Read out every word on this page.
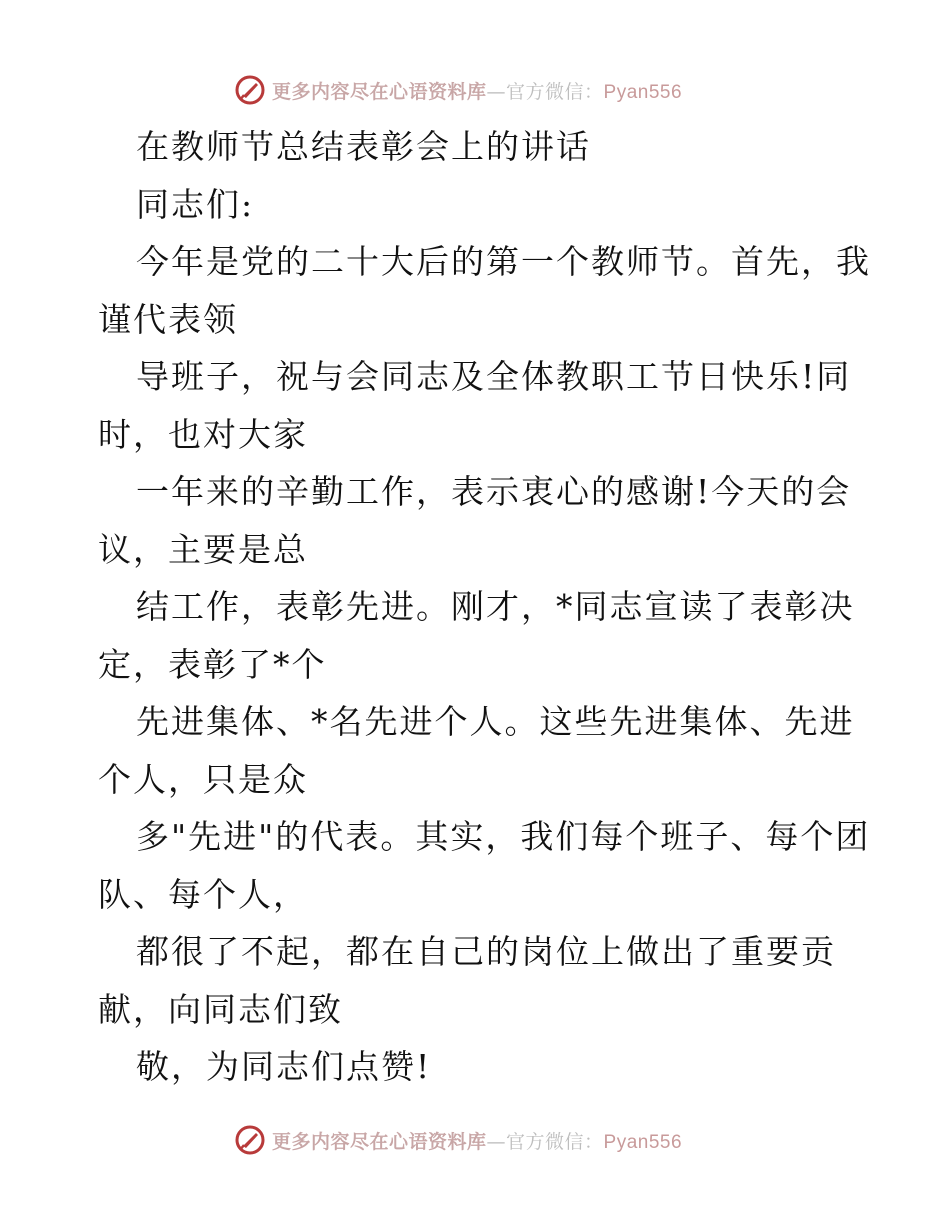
更多内容尽在心语资料库—官方微信：Pyan556
在教师节总结表彰会上的讲话
同志们:
今年是党的二十大后的第一个教师节。首先，我
谨代表领
导班子，祝与会同志及全体教职工节日快乐!同
时，也对大家
一年来的辛勤工作，表示衷心的感谢!今天的会
议，主要是总
结工作，表彰先进。刚才，*同志宣读了表彰决
定，表彰了*个
先进集体、*名先进个人。这些先进集体、先进
个人，只是众
多"先进"的代表。其实，我们每个班子、每个团
队、每个人，
都很了不起，都在自己的岗位上做出了重要贡
献，向同志们致
敬，为同志们点赞!
更多内容尽在心语资料库—官方微信：Pyan556
